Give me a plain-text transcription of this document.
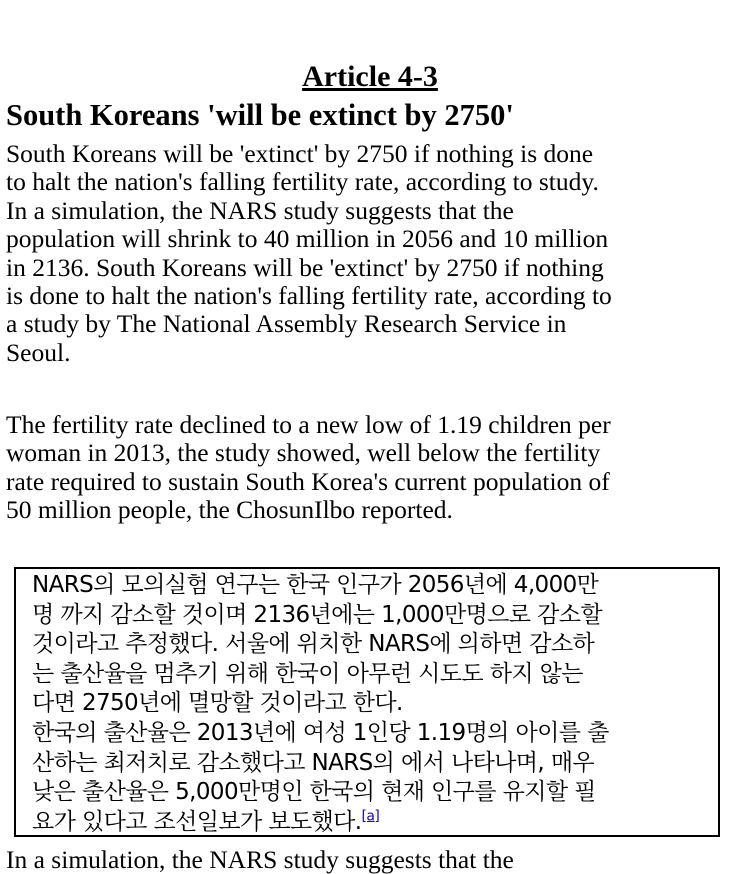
Article 4-3
South Koreans 'will be extinct by 2750'
South Koreans will be 'extinct' by 2750 if nothing is done
to halt the nation's falling fertility rate, according to study.
In a simulation, the NARS study suggests that the
population will shrink to 40 million in 2056 and 10 million
in 2136. South Koreans will be 'extinct' by 2750 if nothing
is done to halt the nation's falling fertility rate, according to
a study by The National Assembly Research Service in
Seoul.
The fertility rate declined to a new low of 1.19 children per
woman in 2013, the study showed, well below the fertility
rate required to sustain South Korea's current population of
50 million people, the ChosunIlbo reported.
NARS의 모의실험 연구는 한국 인구가 2056년에 4,000만
명 까지 감소할 것이며 2136년에는 1,000만명으로 감소할
것이라고 추정했다. 서울에 위치한 NARS에 의하면 감소하
는 출산율을 멈추기 위해 한국이 아무런 시도도 하지 않는
다면 2750년에 멸망할 것이라고 한다.
한국의 출산율은 2013년에 여성 1인당 1.19명의 아이를 출
산하는 최저치로 감소했다고 NARS의 에서 나타나며, 매우
낮은 출산율은 5,000만명인 한국의 현재 인구를 유지할 필
요가 있다고 조선일보가 보도했다.[a]
In a simulation, the NARS study suggests that the
